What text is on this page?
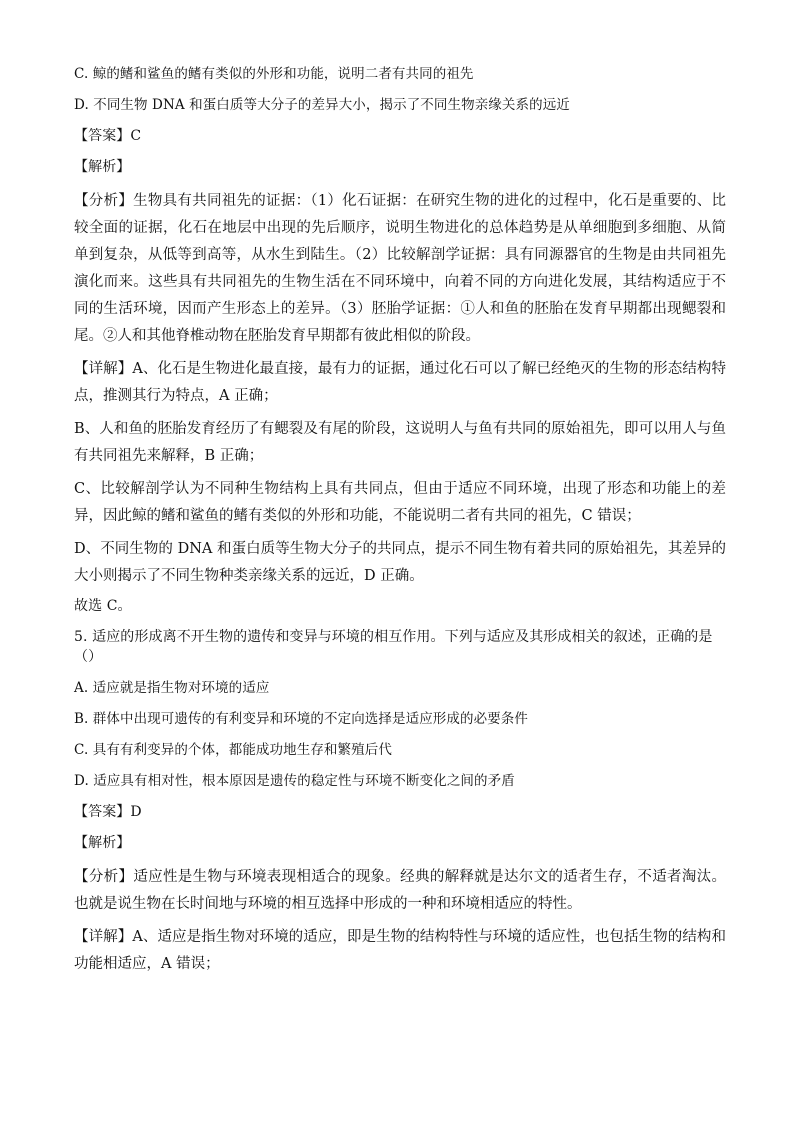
C. 鲸的鳍和鲨鱼的鳍有类似的外形和功能，说明二者有共同的祖先
D. 不同生物 DNA 和蛋白质等大分子的差异大小，揭示了不同生物亲缘关系的远近
【答案】C
【解析】
【分析】生物具有共同祖先的证据：（1）化石证据：在研究生物的进化的过程中，化石是重要的、比较全面的证据，化石在地层中出现的先后顺序，说明生物进化的总体趋势是从单细胞到多细胞、从简单到复杂，从低等到高等，从水生到陆生。（2）比较解剖学证据：具有同源器官的生物是由共同祖先演化而来。这些具有共同祖先的生物生活在不同环境中，向着不同的方向进化发展，其结构适应于不同的生活环境，因而产生形态上的差异。（3）胚胎学证据：①人和鱼的胚胎在发育早期都出现鳃裂和尾。②人和其他脊椎动物在胚胎发育早期都有彼此相似的阶段。
【详解】A、化石是生物进化最直接，最有力的证据，通过化石可以了解已经绝灭的生物的形态结构特点，推测其行为特点，A 正确；
B、人和鱼的胚胎发育经历了有鳃裂及有尾的阶段，这说明人与鱼有共同的原始祖先，即可以用人与鱼有共同祖先来解释，B 正确；
C、比较解剖学认为不同种生物结构上具有共同点，但由于适应不同环境，出现了形态和功能上的差异，因此鲸的鳍和鲨鱼的鳍有类似的外形和功能，不能说明二者有共同的祖先，C 错误；
D、不同生物的 DNA 和蛋白质等生物大分子的共同点，提示不同生物有着共同的原始祖先，其差异的大小则揭示了不同生物种类亲缘关系的远近，D 正确。
故选 C。
5. 适应的形成离不开生物的遗传和变异与环境的相互作用。下列与适应及其形成相关的叙述，正确的是（）
A. 适应就是指生物对环境的适应
B. 群体中出现可遗传的有利变异和环境的不定向选择是适应形成的必要条件
C. 具有有利变异的个体，都能成功地生存和繁殖后代
D. 适应具有相对性，根本原因是遗传的稳定性与环境不断变化之间的矛盾
【答案】D
【解析】
【分析】适应性是生物与环境表现相适合的现象。经典的解释就是达尔文的适者生存，不适者淘汰。也就是说生物在长时间地与环境的相互选择中形成的一种和环境相适应的特性。
【详解】A、适应是指生物对环境的适应，即是生物的结构特性与环境的适应性，也包括生物的结构和功能相适应，A 错误；
